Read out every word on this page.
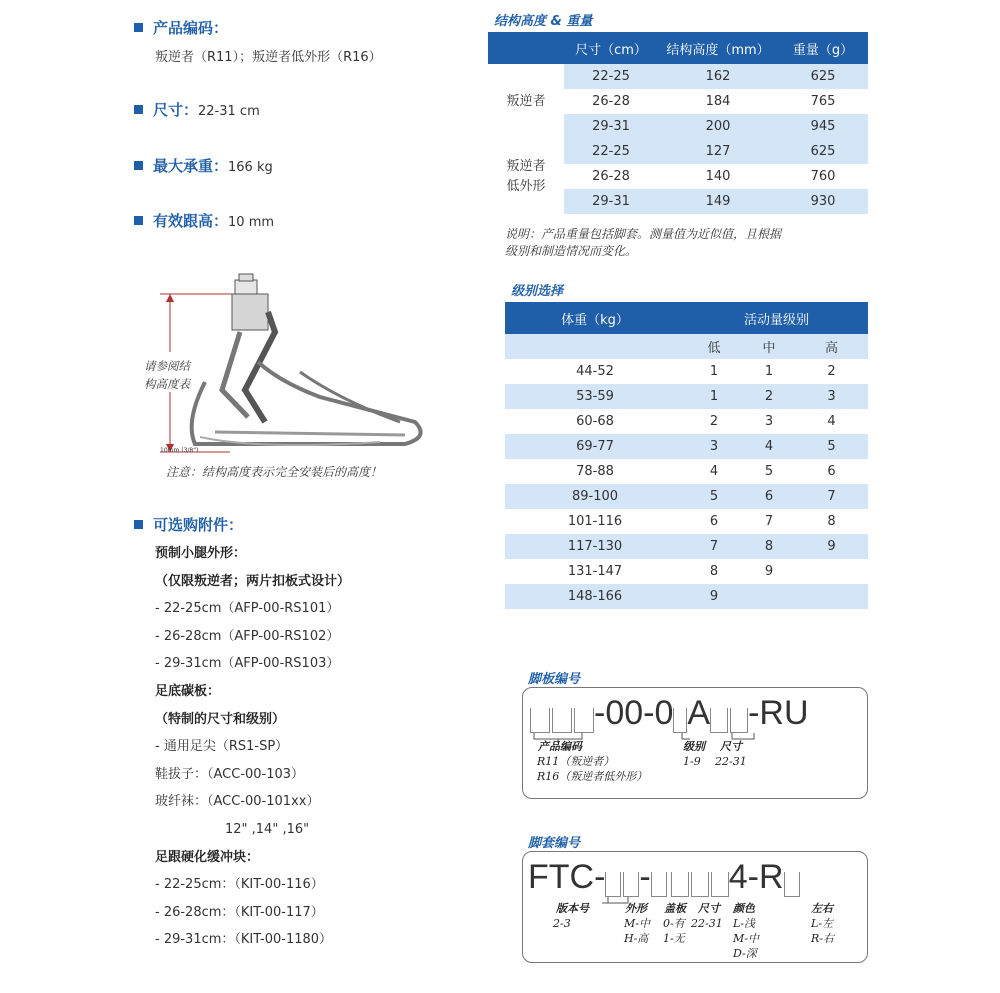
产品编码：
叛逆者（R11）；叛逆者低外形（R16）
尺寸：22-31 cm
最大承重：166 kg
有效跟高：10 mm
请参阅结
构高度表
10mm (3/8")
注意：结构高度表示完全安装后的高度！
可选购附件：
预制小腿外形：
（仅限叛逆者；两片扣板式设计）
- 22-25cm（AFP-00-RS101）
- 26-28cm（AFP-00-RS102）
- 29-31cm（AFP-00-RS103）
足底碳板：
（特制的尺寸和级别）
- 通用足尖（RS1-SP）
鞋拔子：（ACC-00-103）
玻纤袜：（ACC-00-101xx）
12" ,14" ,16"
足跟硬化缓冲块：
- 22-25cm：（KIT-00-116）
- 26-28cm：（KIT-00-117）
- 29-31cm：（KIT-00-1180）
结构高度 & 重量
	尺寸（cm）	结构高度（mm）	重量（g）
叛逆者	22-25	162	625
	26-28	184	765
	29-31	200	945
叛逆者
低外形	22-25	127	625
	26-28	140	760
	29-31	149	930
说明：产品重量包括脚套。测量值为近似值，且根据
级别和制造情况而变化。
级别选择
体重（kg）	活动量级别		
	低	中	高
44-52	1	1	2
53-59	1	2	3
60-68	2	3	4
69-77	3	4	5
78-88	4	5	6
89-100	5	6	7
101-116	6	7	8
117-130	7	8	9
131-147	8	9	
148-166	9		
脚板编号
-00-0 A -RU
产品编码
R11（叛逆者）
R16（叛逆者低外形）
级别
1-9
尺寸
22-31
脚套编号
FTC- - 4-R
版本号
2-3
外形
M-中
H-高
盖板
0-有
1-无
尺寸
22-31
颜色
L-浅
M-中
D-深
左右
L-左
R-右
